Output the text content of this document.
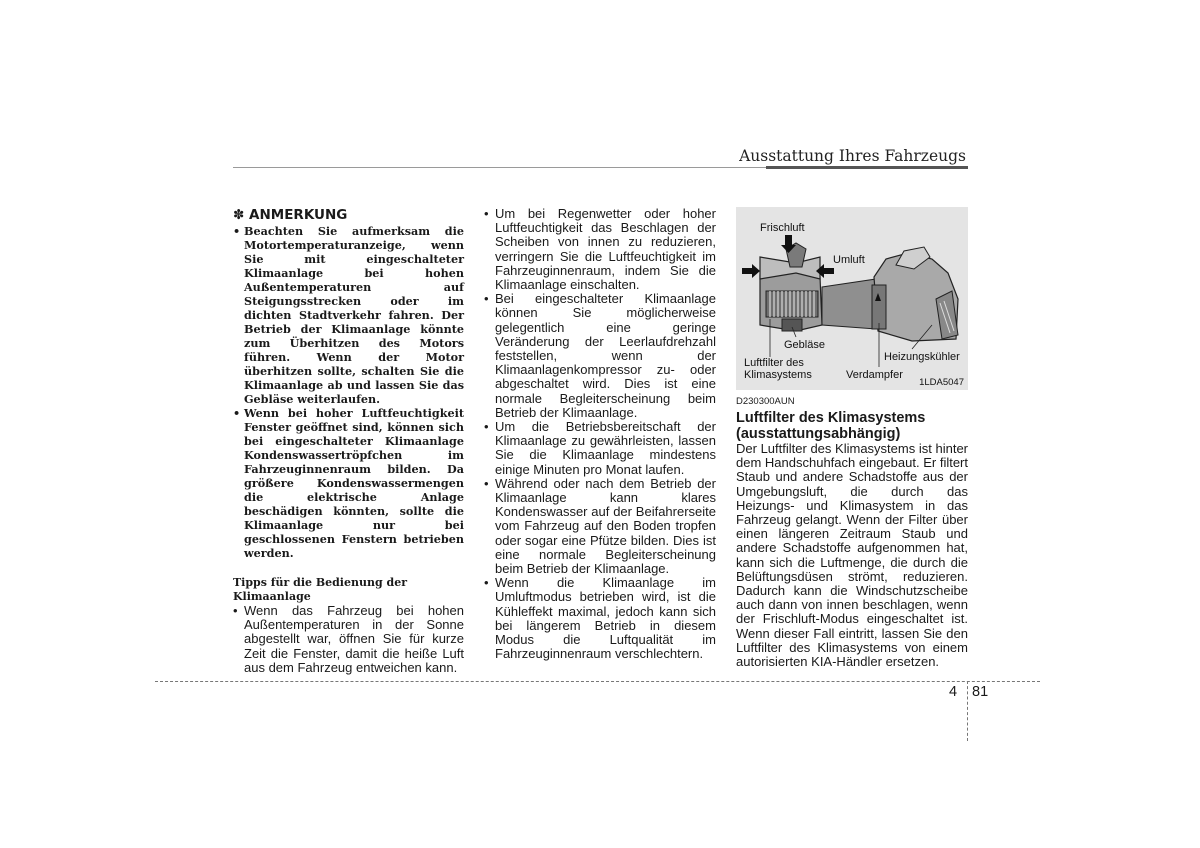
Ausstattung Ihres Fahrzeugs
✽ ANMERKUNG
• Beachten Sie aufmerksam die Motortemperaturanzeige, wenn Sie mit eingeschalteter Klimaanlage bei hohen Außentemperaturen auf Steigungsstrecken oder im dichten Stadtverkehr fahren. Der Betrieb der Klimaanlage könnte zum Überhitzen des Motors führen. Wenn der Motor überhitzen sollte, schalten Sie die Klimaanlage ab und lassen Sie das Gebläse weiterlaufen.
• Wenn bei hoher Luftfeuchtigkeit Fenster geöffnet sind, können sich bei eingeschalteter Klimaanlage Kondenswassertröpfchen im Fahrzeuginnenraum bilden. Da größere Kondenswassermengen die elektrische Anlage beschädigen könnten, sollte die Klimaanlage nur bei geschlossenen Fenstern betrieben werden.
Tipps für die Bedienung der Klimaanlage
• Wenn das Fahrzeug bei hohen Außentemperaturen in der Sonne abgestellt war, öffnen Sie für kurze Zeit die Fenster, damit die heiße Luft aus dem Fahrzeug entweichen kann.
• Um bei Regenwetter oder hoher Luftfeuchtigkeit das Beschlagen der Scheiben von innen zu reduzieren, verringern Sie die Luftfeuchtigkeit im Fahrzeuginnenraum, indem Sie die Klimaanlage einschalten.
• Bei eingeschalteter Klimaanlage können Sie möglicherweise gelegentlich eine geringe Veränderung der Leerlaufdrehzahl feststellen, wenn der Klimaanlagenkompressor zu- oder abgeschaltet wird. Dies ist eine normale Begleiterscheinung beim Betrieb der Klimaanlage.
• Um die Betriebsbereitschaft der Klimaanlage zu gewährleisten, lassen Sie die Klimaanlage mindestens einige Minuten pro Monat laufen.
• Während oder nach dem Betrieb der Klimaanlage kann klares Kondenswasser auf der Beifahrerseite vom Fahrzeug auf den Boden tropfen oder sogar eine Pfütze bilden. Dies ist eine normale Begleiterscheinung beim Betrieb der Klimaanlage.
• Wenn die Klimaanlage im Umluftmodus betrieben wird, ist die Kühleffekt maximal, jedoch kann sich bei längerem Betrieb in diesem Modus die Luftqualität im Fahrzeuginnenraum verschlechtern.
Frischluft
Umluft
Gebläse
Heizungskühler
Luftfilter des Klimasystems	Verdampfer
1LDA5047
D230300AUN
Luftfilter des Klimasystems
(ausstattungsabhängig)
Der Luftfilter des Klimasystems ist hinter dem Handschuhfach eingebaut. Er filtert Staub und andere Schadstoffe aus der Umgebungsluft, die durch das Heizungs- und Klimasystem in das Fahrzeug gelangt. Wenn der Filter über einen längeren Zeitraum Staub und andere Schadstoffe aufgenommen hat, kann sich die Luftmenge, die durch die Belüftungsdüsen strömt, reduzieren. Dadurch kann die Windschutzscheibe auch dann von innen beschlagen, wenn der Frischluft-Modus eingeschaltet ist. Wenn dieser Fall eintritt, lassen Sie den Luftfilter des Klimasystems von einem autorisierten KIA-Händler ersetzen.
4 81
